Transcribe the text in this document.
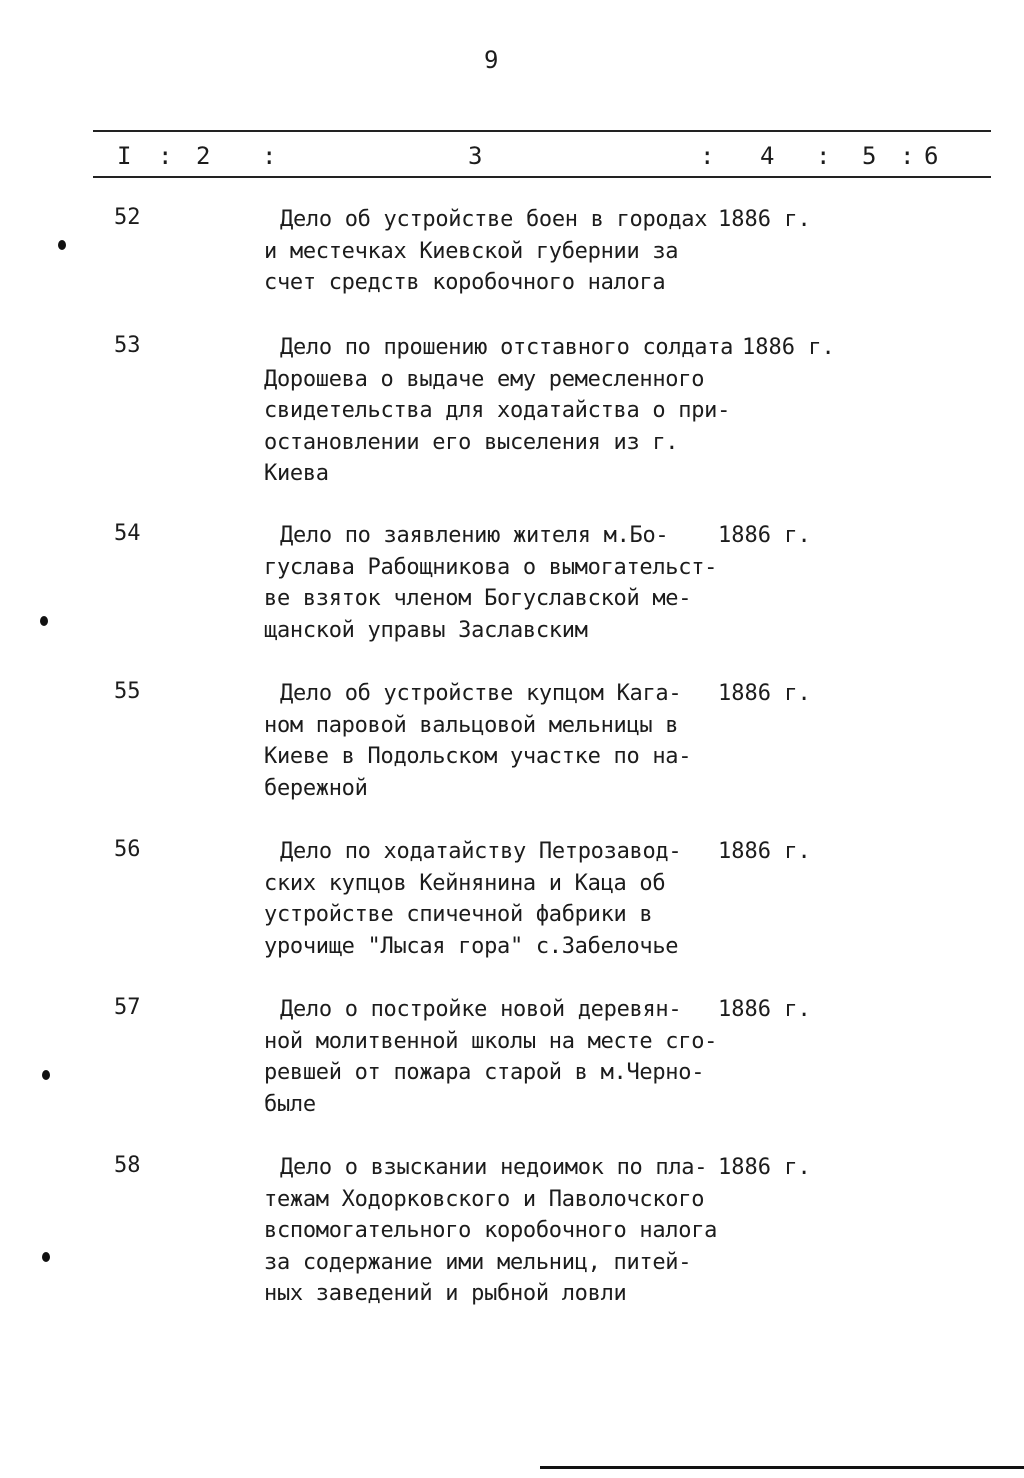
9
I : 2 :	3	: 4 : 5 : 6
52	Дело об устройстве боен в городах
и местечках Киевской губернии за
счет средств коробочного налога
1886 г.
53	Дело по прошению отставного солдата
Дорошева о выдаче ему ремесленного
свидетельства для ходатайства о при-
остановлении его выселения из г.
Киева
1886 г.
54	Дело по заявлению жителя м.Бо-
гуслава Рабощникова о вымогательст-
ве взяток членом Богуславской ме-
щанской управы Заславским
1886 г.
55	Дело об устройстве купцом Кага-
ном паровой вальцовой мельницы в
Киеве в Подольском участке по на-
бережной
1886 г.
56	Дело по ходатайству Петрозавод-
ских купцов Кейнянина и Каца об
устройстве спичечной фабрики в
урочище "Лысая гора" с.Забелочье
1886 г.
57	Дело о постройке новой деревян-
ной молитвенной школы на месте сго-
ревшей от пожара старой в м.Черно-
быле
1886 г.
58	Дело о взыскании недоимок по пла-
тежам Ходорковского и Паволочского
вспомогательного коробочного налога
за содержание ими мельниц, питей-
ных заведений и рыбной ловли
1886 г.
